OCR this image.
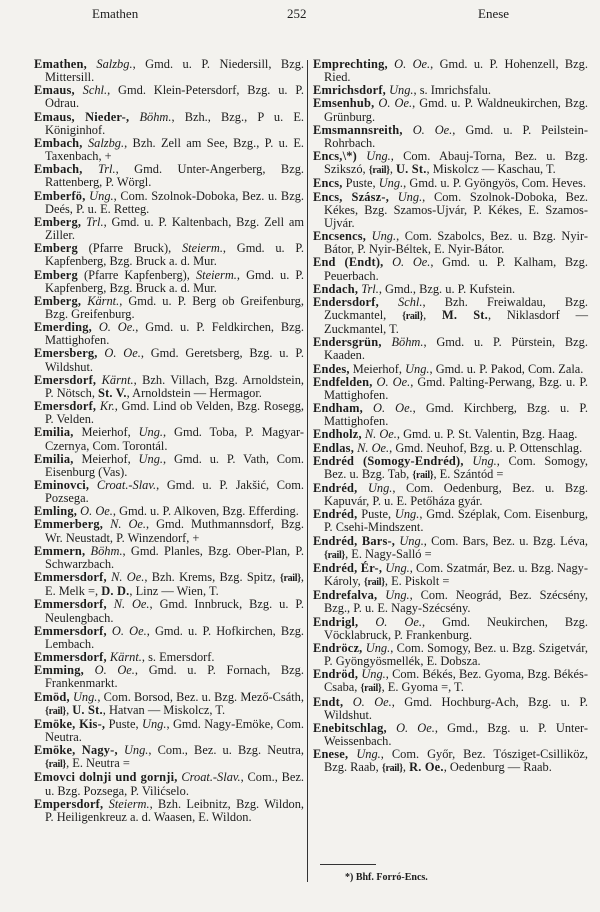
Emathen	252	Enese
Emathen, Salzbg., Gmd. u. P. Niedersill, Bzg. Mittersill.
Emaus, Schl., Gmd. Klein-Petersdorf, Bzg. u. P. Odrau.
Emaus, Nieder-, Böhm., Bzh., Bzg., P u. E. Königinhof.
Embach, Salzbg., Bzh. Zell am See, Bzg., P. u. E. Taxenbach, +
Embach, Trl., Gmd. Unter-Angerberg, Bzg. Rattenberg, P. Wörgl.
Emberfö, Ung., Com. Szolnok-Doboka, Bez. u. Bzg. Deés, P. u. E. Retteg.
Emberg, Trl., Gmd. u. P. Kaltenbach, Bzg. Zell am Ziller.
Emberg (Pfarre Bruck), Steierm., Gmd. u. P. Kapfenberg, Bzg. Bruck a. d. Mur.
Emberg (Pfarre Kapfenberg), Steierm., Gmd. u. P. Kapfenberg, Bzg. Bruck a. d. Mur.
Emberg, Kärnt., Gmd. u. P. Berg ob Greifenburg, Bzg. Greifenburg.
Emerding, O. Oe., Gmd. u. P. Feldkirchen, Bzg. Mattighofen.
Emersberg, O. Oe., Gmd. Geretsberg, Bzg. u. P. Wildshut.
Emersdorf, Kärnt., Bzh. Villach, Bzg. Arnoldstein, P. Nötsch, St. V., Arnoldstein — Hermagor.
Emersdorf, Kr., Gmd. Lind ob Velden, Bzg. Rosegg, P. Velden.
Emilia, Meierhof, Ung., Gmd. Toba, P. Magyar-Czernya, Com. Torontál.
Emilia, Meierhof, Ung., Gmd. u. P. Vath, Com. Eisenburg (Vas).
Eminovci, Croat.-Slav., Gmd. u. P. Jakšić, Com. Pozsega.
Emling, O. Oe., Gmd. u. P. Alkoven, Bzg. Efferding.
Emmerberg, N. Oe., Gmd. Muthmannsdorf, Bzg. Wr. Neustadt, P. Winzendorf, +
Emmern, Böhm., Gmd. Planles, Bzg. Ober-Plan, P. Schwarzbach.
Emmersdorf, N. Oe., Bzh. Krems, Bzg. Spitz, {rail}, E. Melk =, D. D., Linz — Wien, T.
Emmersdorf, N. Oe., Gmd. Innbruck, Bzg. u. P. Neulengbach.
Emmersdorf, O. Oe., Gmd. u. P. Hofkirchen, Bzg. Lembach.
Emmersdorf, Kärnt., s. Emersdorf.
Emming, O. Oe., Gmd. u. P. Fornach, Bzg. Frankenmarkt.
Emöd, Ung., Com. Borsod, Bez. u. Bzg. Mező-Csáth, {rail}, U. St., Hatvan — Miskolcz, T.
Emöke, Kis-, Puste, Ung., Gmd. Nagy-Emöke, Com. Neutra.
Emöke, Nagy-, Ung., Com., Bez. u. Bzg. Neutra, {rail}, E. Neutra =
Emovci dolnji und gornji, Croat.-Slav., Com., Bez. u. Bzg. Pozsega, P. Vilićselo.
Empersdorf, Steierm., Bzh. Leibnitz, Bzg. Wildon, P. Heiligenkreuz a. d. Waasen, E. Wildon.
Emprechting, O. Oe., Gmd. u. P. Hohenzell, Bzg. Ried.
Emrichsdorf, Ung., s. Imrichsfalu.
Emsenhub, O. Oe., Gmd. u. P. Waldneukirchen, Bzg. Grünburg.
Emsmannsreith, O. Oe., Gmd. u. P. Peilstein-Rohrbach.
Encs,\*) Ung., Com. Abauj-Torna, Bez. u. Bzg. Szikszó, {rail}, U. St., Miskolcz — Kaschau, T.
Encs, Puste, Ung., Gmd. u. P. Gyöngyös, Com. Heves.
Encs, Szász-, Ung., Com. Szolnok-Doboka, Bez. Kékes, Bzg. Szamos-Ujvár, P. Kékes, E. Szamos-Ujvár.
Encsencs, Ung., Com. Szabolcs, Bez. u. Bzg. Nyir-Bátor, P. Nyir-Béltek, E. Nyir-Bátor.
End (Endt), O. Oe., Gmd. u. P. Kalham, Bzg. Peuerbach.
Endach, Trl., Gmd., Bzg. u. P. Kufstein.
Endersdorf, Schl., Bzh. Freiwaldau, Bzg. Zuckmantel, {rail}, M. St., Niklasdorf — Zuckmantel, T.
Endersgrün, Böhm., Gmd. u. P. Pürstein, Bzg. Kaaden.
Endes, Meierhof, Ung., Gmd. u. P. Pakod, Com. Zala.
Endfelden, O. Oe., Gmd. Palting-Perwang, Bzg. u. P. Mattighofen.
Endham, O. Oe., Gmd. Kirchberg, Bzg. u. P. Mattighofen.
Endholz, N. Oe., Gmd. u. P. St. Valentin, Bzg. Haag.
Endlas, N. Oe., Gmd. Neuhof, Bzg. u. P. Ottenschlag.
Endréd (Somogy-Endréd), Ung., Com. Somogy, Bez. u. Bzg. Tab, {rail}, E. Szántód =
Endréd, Ung., Com. Oedenburg, Bez. u. Bzg. Kapuvár, P. u. E. Petőháza gyár.
Endréd, Puste, Ung., Gmd. Széplak, Com. Eisenburg, P. Csehi-Mindszent.
Endréd, Bars-, Ung., Com. Bars, Bez. u. Bzg. Léva, {rail}, E. Nagy-Salló =
Endréd, Ér-, Ung., Com. Szatmár, Bez. u. Bzg. Nagy-Károly, {rail}, E. Piskolt =
Endrefalva, Ung., Com. Neográd, Bez. Szécsény, Bzg., P. u. E. Nagy-Szécsény.
Endrigl, O. Oe., Gmd. Neukirchen, Bzg. Vöcklabruck, P. Frankenburg.
Endröcz, Ung., Com. Somogy, Bez. u. Bzg. Szigetvár, P. Gyöngyösmellék, E. Dobsza.
Endröd, Ung., Com. Békés, Bez. Gyoma, Bzg. Békés-Csaba, {rail}, E. Gyoma =, T.
Endt, O. Oe., Gmd. Hochburg-Ach, Bzg. u. P. Wildshut.
Enebitschlag, O. Oe., Gmd., Bzg. u. P. Unter-Weissenbach.
Enese, Ung., Com. Győr, Bez. Tósziget-Csilliköz, Bzg. Raab, {rail}, R. Oe., Oedenburg — Raab.
*) Bhf. Forró-Encs.
